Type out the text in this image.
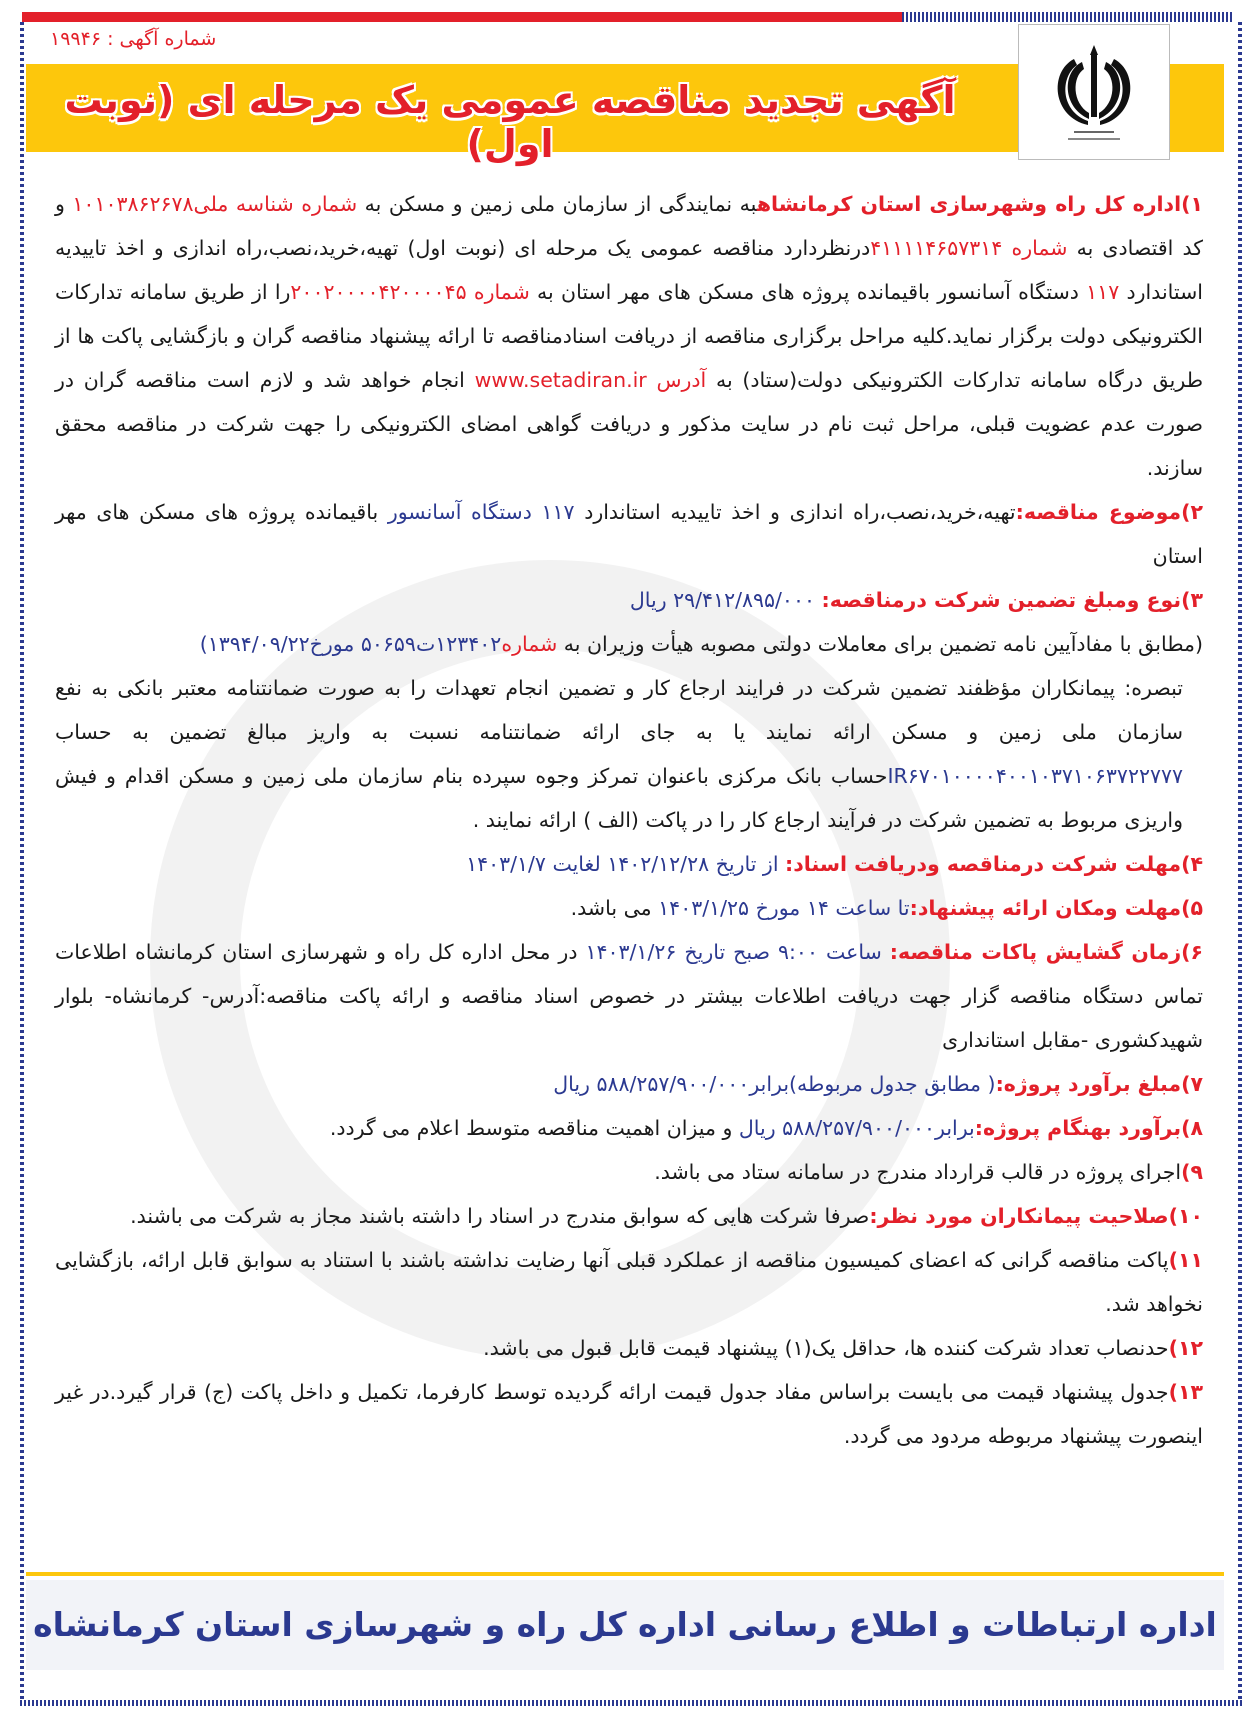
شماره آگهی : ۱۹۹۴۶
آگهی تجدید مناقصه عمومی یک مرحله ای (نوبت اول)

۱)اداره کل راه وشهرسازی استان کرمانشاهبه نمایندگی از سازمان ملی زمین و مسکن به شماره شناسه ملی۱۰۱۰۳۸۶۲۶۷۸ و کد اقتصادی به شماره ۴۱۱۱۱۴۶۵۷۳۱۴درنظردارد مناقصه عمومی یک مرحله ای (نوبت اول) تهیه،خرید،نصب،راه اندازی و اخذ تاییدیه استاندارد ۱۱۷ دستگاه آسانسور باقیمانده پروژه های مسکن های مهر استان به شماره ۲۰۰۲۰۰۰۰۴۲۰۰۰۰۴۵را از طریق سامانه تدارکات الکترونیکی دولت برگزار نماید.کلیه مراحل برگزاری مناقصه از دریافت اسنادمناقصه تا ارائه پیشنهاد مناقصه گران و بازگشایی پاکت ها از طریق درگاه سامانه تدارکات الکترونیکی دولت(ستاد) به آدرس www.setadiran.ir انجام خواهد شد و لازم است مناقصه گران در صورت عدم عضویت قبلی، مراحل ثبت نام در سایت مذکور و دریافت گواهی امضای الکترونیکی را جهت شرکت در مناقصه محقق سازند.

۲)موضوع مناقصه:تهیه،خرید،نصب،راه اندازی و اخذ تاییدیه استاندارد ۱۱۷ دستگاه آسانسور باقیمانده پروژه های مسکن های مهر استان

۳)نوع ومبلغ تضمین شرکت درمناقصه: ۲۹/۴۱۲/۸۹۵/۰۰۰ ریال

(مطابق با مفادآیین نامه تضمین برای معاملات دولتی مصوبه هیأت وزیران به شماره۱۲۳۴۰۲ت۵۰۶۵۹ مورخ۱۳۹۴/۰۹/۲۲)

تبصره: پیمانکاران مؤظفند تضمین شرکت در فرایند ارجاع کار و تضمین انجام تعهدات را به صورت ضمانتنامه معتبر بانکی به نفع سازمان ملی زمین و مسکن ارائه نمایند یا به جای ارائه ضمانتنامه نسبت به واریز مبالغ تضمین به حساب IR۶۷۰۱۰۰۰۰۴۰۰۱۰۳۷۱۰۶۳۷۲۲۷۷۷حساب بانک مرکزی باعنوان تمرکز وجوه سپرده بنام سازمان ملی زمین و مسکن اقدام و فیش واریزی مربوط به تضمین شرکت در فرآیند ارجاع کار را در پاکت (الف ) ارائه نمایند .

۴)مهلت شرکت درمناقصه ودریافت اسناد: از تاریخ ۱۴۰۲/۱۲/۲۸ لغایت ۱۴۰۳/۱/۷

۵)مهلت ومکان ارائه پیشنهاد:تا ساعت ۱۴ مورخ ۱۴۰۳/۱/۲۵ می باشد.

۶)زمان گشایش پاکات مناقصه: ساعت ۹:۰۰ صبح تاریخ ۱۴۰۳/۱/۲۶ در محل اداره کل راه و شهرسازی استان کرمانشاه اطلاعات تماس دستگاه مناقصه گزار جهت دریافت اطلاعات بیشتر در خصوص اسناد مناقصه و ارائه پاکت مناقصه:آدرس- کرمانشاه- بلوار شهیدکشوری -مقابل استانداری

۷)مبلغ برآورد پروژه:( مطابق جدول مربوطه)برابر۵۸۸/۲۵۷/۹۰۰/۰۰۰ ریال

۸)برآورد بهنگام پروژه:برابر۵۸۸/۲۵۷/۹۰۰/۰۰۰ ریال و میزان اهمیت مناقصه متوسط اعلام می گردد.

۹)اجرای پروژه در قالب قرارداد مندرج در سامانه ستاد می باشد.

۱۰)صلاحیت پیمانکاران مورد نظر:صرفا شرکت هایی که سوابق مندرج در اسناد را داشته باشند مجاز به شرکت می باشند.

۱۱)پاکت مناقصه گرانی که اعضای کمیسیون مناقصه از عملکرد قبلی آنها رضایت نداشته باشند با استناد به سوابق قابل ارائه، بازگشایی نخواهد شد.

۱۲)حدنصاب تعداد شرکت کننده ها، حداقل یک(۱) پیشنهاد قیمت قابل قبول می باشد.

۱۳)جدول پیشنهاد قیمت می بایست براساس مفاد جدول قیمت ارائه گردیده توسط کارفرما، تکمیل و داخل پاکت (ج) قرار گیرد.در غیر اینصورت پیشنهاد مربوطه مردود می گردد.

اداره ارتباطات و اطلاع رسانی اداره کل راه و شهرسازی استان کرمانشاه
